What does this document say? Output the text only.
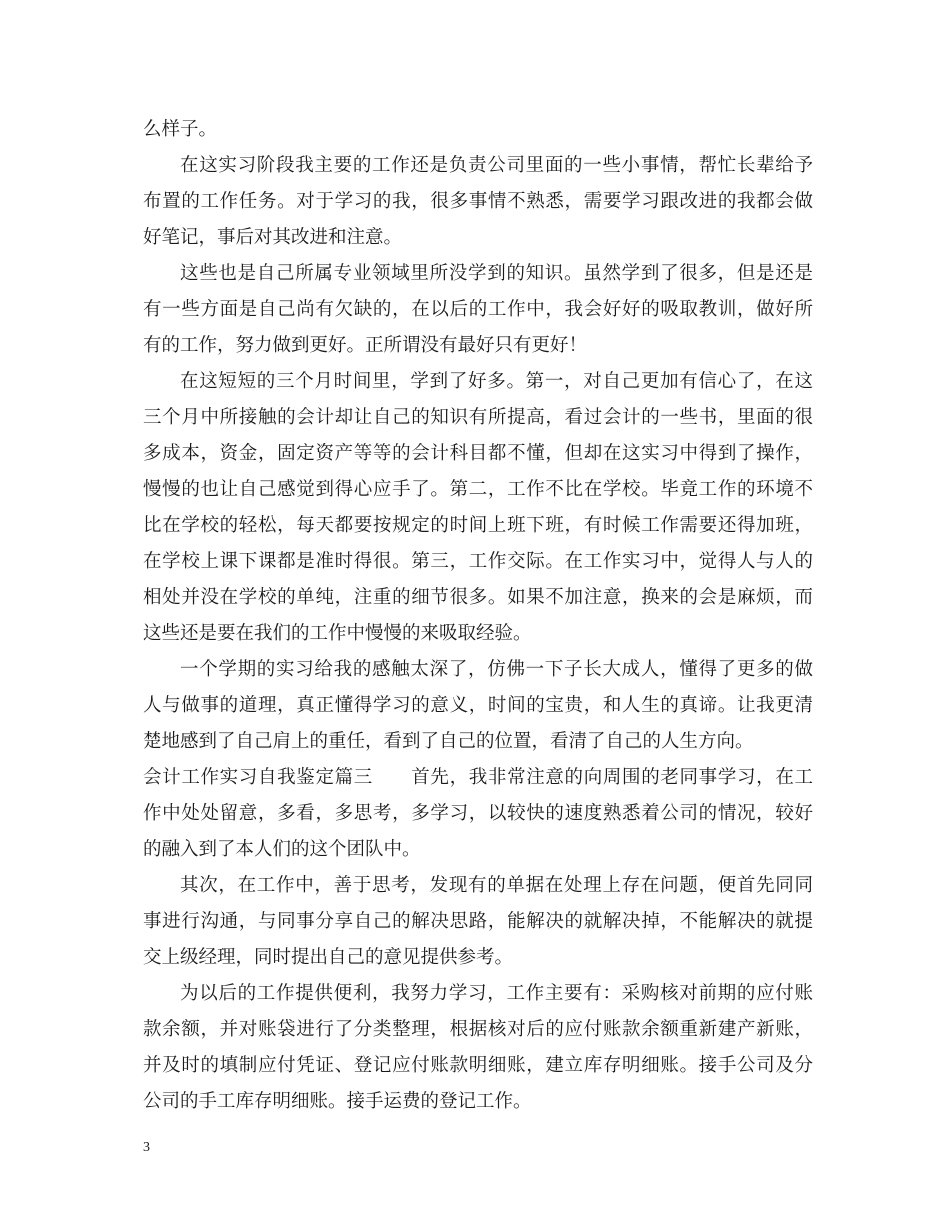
么样子。
在这实习阶段我主要的工作还是负责公司里面的一些小事情，帮忙长辈给予
布置的工作任务。对于学习的我，很多事情不熟悉，需要学习跟改进的我都会做
好笔记，事后对其改进和注意。
这些也是自己所属专业领域里所没学到的知识。虽然学到了很多，但是还是
有一些方面是自己尚有欠缺的，在以后的工作中，我会好好的吸取教训，做好所
有的工作，努力做到更好。正所谓没有最好只有更好！
在这短短的三个月时间里，学到了好多。第一，对自己更加有信心了，在这
三个月中所接触的会计却让自己的知识有所提高，看过会计的一些书，里面的很
多成本，资金，固定资产等等的会计科目都不懂，但却在这实习中得到了操作，
慢慢的也让自己感觉到得心应手了。第二，工作不比在学校。毕竟工作的环境不
比在学校的轻松，每天都要按规定的时间上班下班，有时候工作需要还得加班，
在学校上课下课都是准时得很。第三，工作交际。在工作实习中，觉得人与人的
相处并没在学校的单纯，注重的细节很多。如果不加注意，换来的会是麻烦，而
这些还是要在我们的工作中慢慢的来吸取经验。
一个学期的实习给我的感触太深了，仿佛一下子长大成人，懂得了更多的做
人与做事的道理，真正懂得学习的意义，时间的宝贵，和人生的真谛。让我更清
楚地感到了自己肩上的重任，看到了自己的位置，看清了自己的人生方向。
会计工作实习自我鉴定篇三　　首先，我非常注意的向周围的老同事学习，在工
作中处处留意，多看，多思考，多学习，以较快的速度熟悉着公司的情况，较好
的融入到了本人们的这个团队中。
其次，在工作中，善于思考，发现有的单据在处理上存在问题，便首先同同
事进行沟通，与同事分享自己的解决思路，能解决的就解决掉，不能解决的就提
交上级经理，同时提出自己的意见提供参考。
为以后的工作提供便利，我努力学习，工作主要有：采购核对前期的应付账
款余额，并对账袋进行了分类整理，根据核对后的应付账款余额重新建产新账，
并及时的填制应付凭证、登记应付账款明细账，建立库存明细账。接手公司及分
公司的手工库存明细账。接手运费的登记工作。
3
